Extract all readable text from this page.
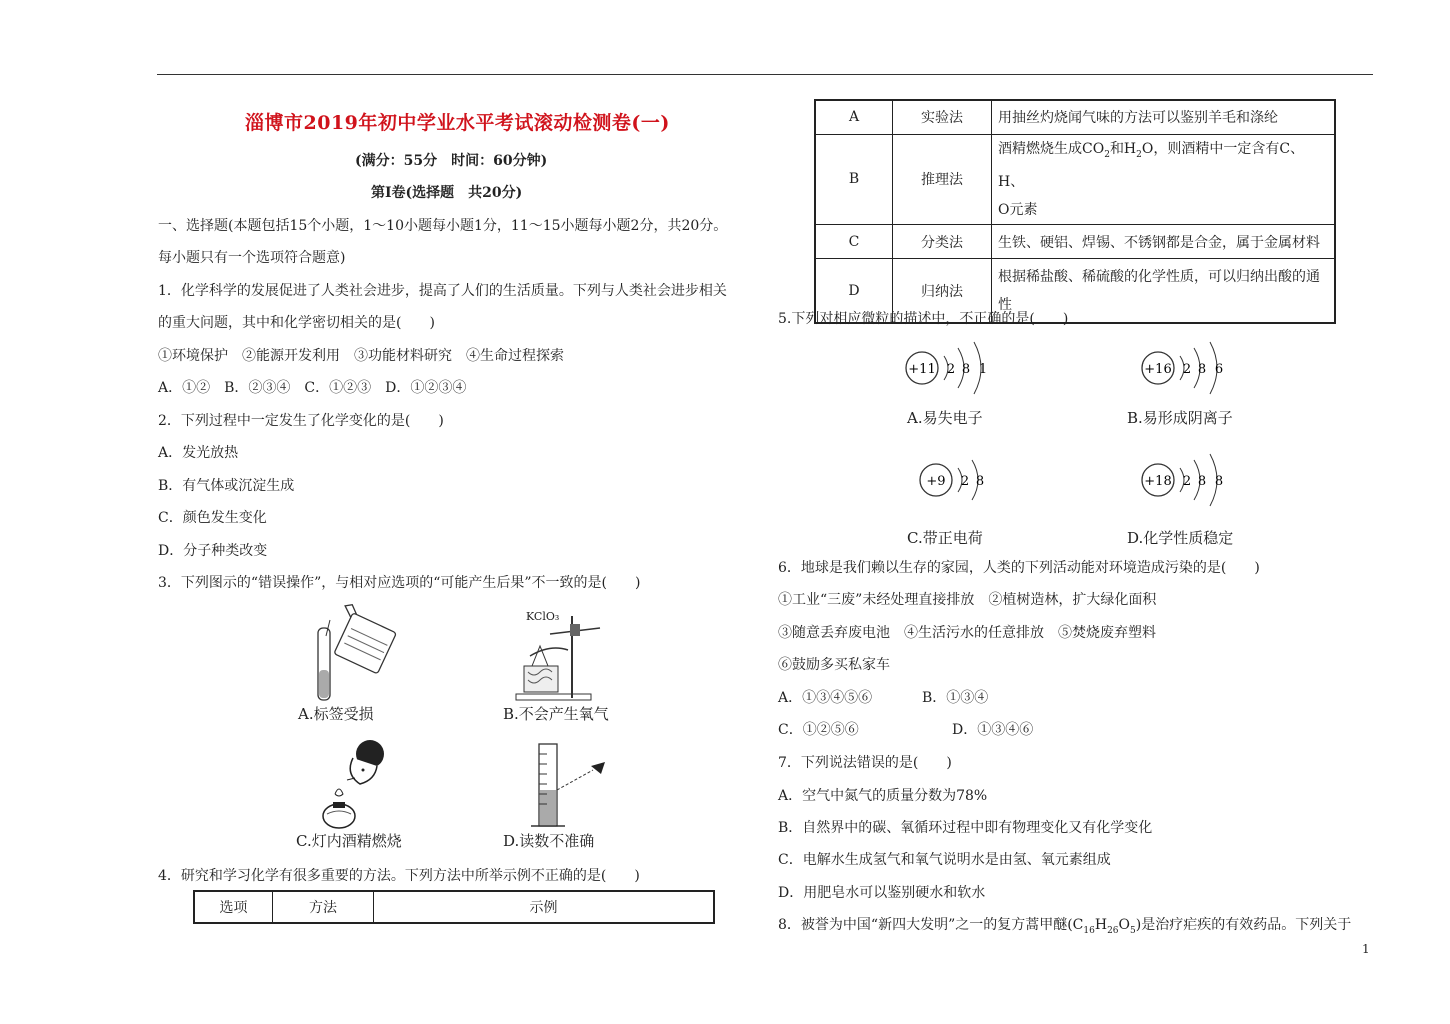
淄博市2019年初中学业水平考试滚动检测卷(一)
(满分：55分　时间：60分钟)
第Ⅰ卷(选择题　共20分)
一、选择题(本题包括15个小题，1～10小题每小题1分，11～15小题每小题2分，共20分。
每小题只有一个选项符合题意)
1．化学科学的发展促进了人类社会进步，提高了人们的生活质量。下列与人类社会进步相关
的重大问题，其中和化学密切相关的是(　　)
①环境保护　②能源开发利用　③功能材料研究　④生命过程探索
A．①②　B．②③④　C．①②③　D．①②③④
2．下列过程中一定发生了化学变化的是(　　)
A．发光放热
B．有气体或沉淀生成
C．颜色发生变化
D．分子种类改变
3．下列图示的“错误操作”，与相对应选项的“可能产生后果”不一致的是(　　)
A.标签受损
KClO₃
B.不会产生氧气
C.灯内酒精燃烧	D.读数不准确
4．研究和学习化学有很多重要的方法。下列方法中所举示例不正确的是(　　)
选项	方法	示例
A	实验法	用抽丝灼烧闻气味的方法可以鉴别羊毛和涤纶
B	推理法	酒精燃烧生成$CO_2$和$H_2O$，则酒精中一定含有C、H、
O元素
C	分类法	生铁、硬铝、焊锡、不锈钢都是合金，属于金属材料
D	归纳法	根据稀盐酸、稀硫酸的化学性质，可以归纳出酸的通
性
5.下列对相应微粒的描述中，不正确的是(　　)
+11 2 8 1
A.易失电子
+16 2 8 6
B.易形成阴离子
+9 2 8
C.带正电荷
+18 2 8 8
D.化学性质稳定
6．地球是我们赖以生存的家园，人类的下列活动能对环境造成污染的是(　　)
①工业“三废”未经处理直接排放　②植树造林，扩大绿化面积
③随意丢弃废电池　④生活污水的任意排放　⑤焚烧废弃塑料
⑥鼓励多买私家车
A．①③④⑤⑥	B．①③④
C．①②⑤⑥	D．①③④⑥
7．下列说法错误的是(　　)
A．空气中氮气的质量分数为78%
B．自然界中的碳、氧循环过程中即有物理变化又有化学变化
C．电解水生成氢气和氧气说明水是由氢、氧元素组成
D．用肥皂水可以鉴别硬水和软水
8．被誉为中国“新四大发明”之一的复方蒿甲醚$(C_{16}H_{26}O_5)$是治疗疟疾的有效药品。下列关于
1
